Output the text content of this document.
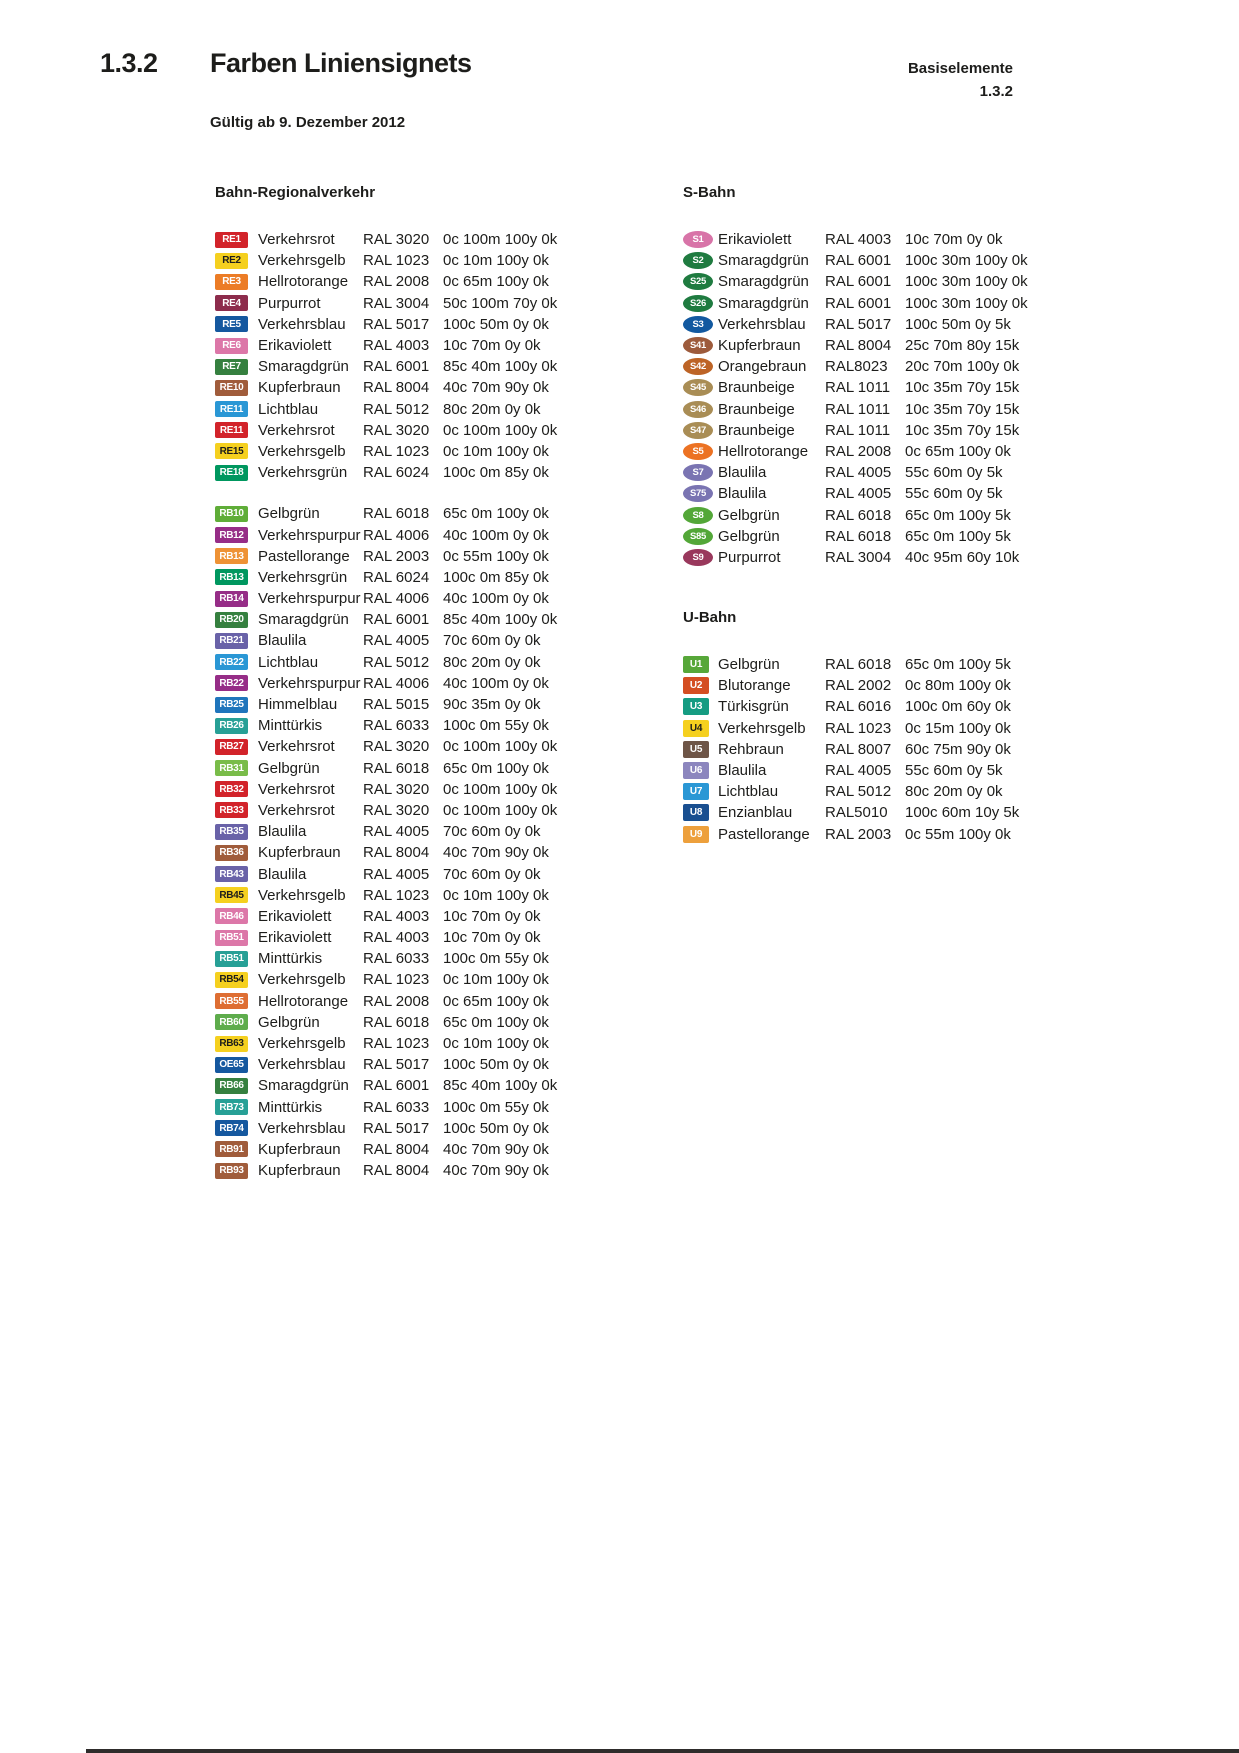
1.3.2 Farben Liniensignets	Basiselemente
1.3.2
Gültig ab 9. Dezember 2012
Bahn-Regionalverkehr
RE1	Verkehrsrot	RAL 3020 0c 100m 100y 0k
RE2	Verkehrsgelb	RAL 1023 0c 10m 100y 0k
RE3	Hellrotorange RAL 2008 0c 65m 100y 0k
RE4	Purpurrot	RAL 3004 50c 100m 70y 0k
RE5	Verkehrsblau	RAL 5017 100c 50m 0y 0k
RE6	Erikaviolett	RAL 4003 10c 70m 0y 0k
RE7	Smaragdgrün RAL 6001 85c 40m 100y 0k
RE10 Kupferbraun	RAL 8004 40c 70m 90y 0k
RE11 Lichtblau	RAL 5012 80c 20m 0y 0k
RE11 Verkehrsrot	RAL 3020 0c 100m 100y 0k
RE15 Verkehrsgelb	RAL 1023 0c 10m 100y 0k
RE18 Verkehrsgrün	RAL 6024 100c 0m 85y 0k
RB10 Gelbgrün	RAL 6018 65c 0m 100y 0k
RB12 Verkehrspurpur RAL 4006 40c 100m 0y 0k
RB13 Pastellorange RAL 2003 0c 55m 100y 0k
RB13 Verkehrsgrün	RAL 6024 100c 0m 85y 0k
RB14 Verkehrspurpur RAL 4006 40c 100m 0y 0k
RB20 Smaragdgrün RAL 6001 85c 40m 100y 0k
RB21 Blaulila	RAL 4005 70c 60m 0y 0k
RB22 Lichtblau	RAL 5012 80c 20m 0y 0k
RB22 Verkehrspurpur RAL 4006 40c 100m 0y 0k
RB25 Himmelblau	RAL 5015 90c 35m 0y 0k
RB26 Minttürkis	RAL 6033 100c 0m 55y 0k
RB27 Verkehrsrot	RAL 3020 0c 100m 100y 0k
RB31 Gelbgrün	RAL 6018 65c 0m 100y 0k
RB32 Verkehrsrot	RAL 3020 0c 100m 100y 0k
RB33 Verkehrsrot	RAL 3020 0c 100m 100y 0k
RB35 Blaulila	RAL 4005 70c 60m 0y 0k
RB36 Kupferbraun	RAL 8004 40c 70m 90y 0k
RB43 Blaulila	RAL 4005 70c 60m 0y 0k
RB45 Verkehrsgelb	RAL 1023 0c 10m 100y 0k
RB46 Erikaviolett	RAL 4003 10c 70m 0y 0k
RB51 Erikaviolett	RAL 4003 10c 70m 0y 0k
RB51 Minttürkis	RAL 6033 100c 0m 55y 0k
RB54 Verkehrsgelb	RAL 1023 0c 10m 100y 0k
RB55 Hellrotorange RAL 2008 0c 65m 100y 0k
RB60 Gelbgrün	RAL 6018 65c 0m 100y 0k
RB63 Verkehrsgelb	RAL 1023 0c 10m 100y 0k
OE65 Verkehrsblau	RAL 5017 100c 50m 0y 0k
RB66 Smaragdgrün RAL 6001 85c 40m 100y 0k
RB73 Minttürkis	RAL 6033 100c 0m 55y 0k
RB74 Verkehrsblau	RAL 5017 100c 50m 0y 0k
RB91 Kupferbraun	RAL 8004 40c 70m 90y 0k
RB93 Kupferbraun	RAL 8004 40c 70m 90y 0k
S-Bahn
S1 Erikaviolett	RAL 4003 10c 70m 0y 0k
S2 Smaragdgrün	RAL 6001 100c 30m 100y 0k
S25 Smaragdgrün	RAL 6001 100c 30m 100y 0k
S26 Smaragdgrün	RAL 6001 100c 30m 100y 0k
S3 Verkehrsblau	RAL 5017 100c 50m 0y 5k
S41 Kupferbraun	RAL 8004 25c 70m 80y 15k
S42 Orangebraun	RAL8023	20c 70m 100y 0k
S45 Braunbeige	RAL 1011 10c 35m 70y 15k
S46 Braunbeige	RAL 1011 10c 35m 70y 15k
S47 Braunbeige	RAL 1011 10c 35m 70y 15k
S5 Hellrotorange	RAL 2008 0c 65m 100y 0k
S7 Blaulila	RAL 4005 55c 60m 0y 5k
S75 Blaulila	RAL 4005 55c 60m 0y 5k
S8 Gelbgrün	RAL 6018 65c 0m 100y 5k
S85 Gelbgrün	RAL 6018 65c 0m 100y 5k
S9 Purpurrot	RAL 3004 40c 95m 60y 10k
U-Bahn
U1	Gelbgrün	RAL 6018 65c 0m 100y 5k
U2	Blutorange	RAL 2002 0c 80m 100y 0k
U3	Türkisgrün	RAL 6016 100c 0m 60y 0k
U4	Verkehrsgelb	RAL 1023 0c 15m 100y 0k
U5	Rehbraun	RAL 8007 60c 75m 90y 0k
U6	Blaulila	RAL 4005 55c 60m 0y 5k
U7	Lichtblau	RAL 5012 80c 20m 0y 0k
U8	Enzianblau	RAL5010	100c 60m 10y 5k
U9	Pastellorange	RAL 2003 0c 55m 100y 0k
